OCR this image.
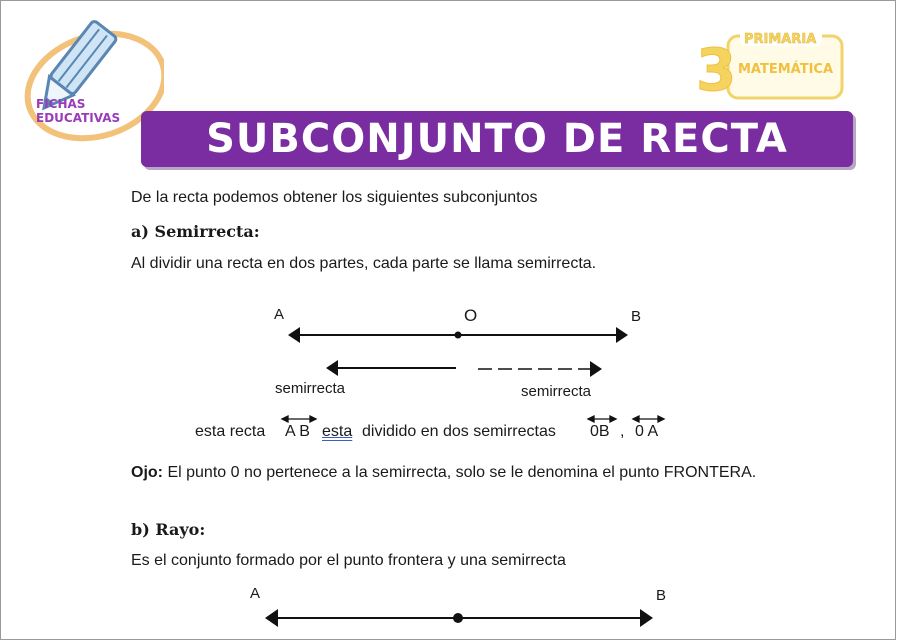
FICHAS
EDUCATIVAS
3 PRIMARIA
MATEMÁTICA
SUBCONJUNTO DE RECTA
De la recta podemos obtener los siguientes subconjuntos
a) Semirrecta:
Al dividir una recta en dos partes, cada parte se llama semirrecta.
A	O	B
semirrecta	semirrecta
esta recta A B esta dividido en dos semirrectas 0B , 0 A
Ojo: El punto 0 no pertenece a la semirrecta, solo se le denomina el punto FRONTERA.
b) Rayo:
Es el conjunto formado por el punto frontera y una semirrecta
A	B
